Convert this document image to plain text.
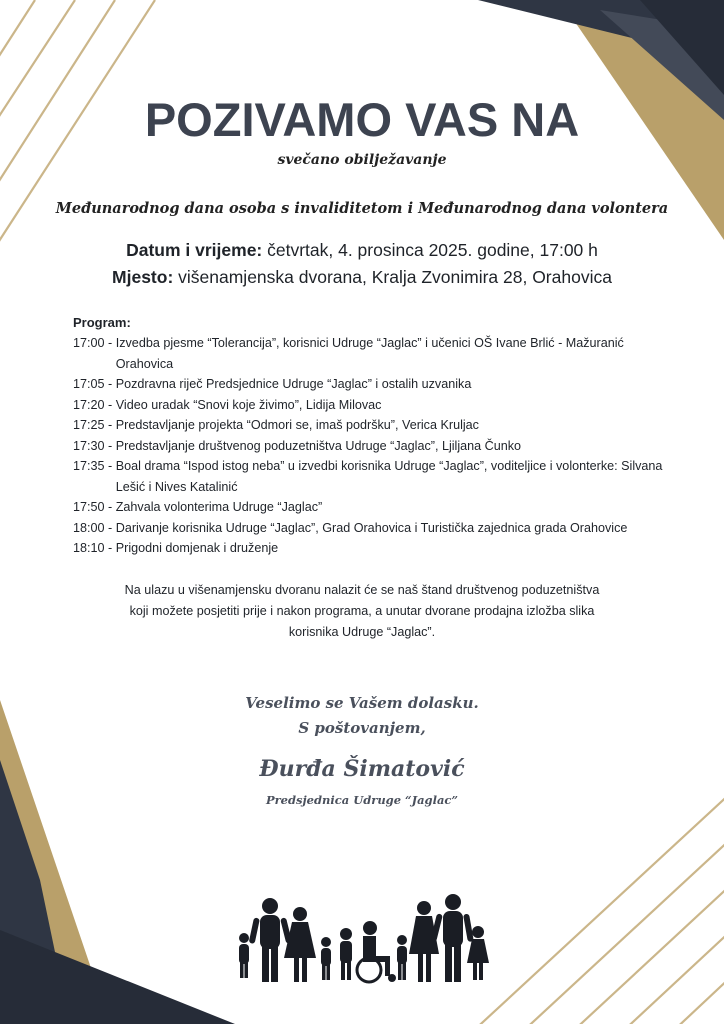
POZIVAMO VAS NA
svečano obilježavanje
Međunarodnog dana osoba s invaliditetom i Međunarodnog dana volontera
Datum i vrijeme: četvrtak, 4. prosinca 2025. godine, 17:00 h
Mjesto: višenamjenska dvorana, Kralja Zvonimira 28, Orahovica
Program:
17:00 - Izvedba pjesme “Tolerancija”, korisnici Udruge “Jaglac” i učenici OŠ Ivane Brlić - Mažuranić Orahovica
17:05 - Pozdravna riječ Predsjednice Udruge “Jaglac” i ostalih uzvanika
17:20 - Video uradak “Snovi koje živimo”, Lidija Milovac
17:25 - Predstavljanje projekta “Odmori se, imaš podršku”, Verica Kruljac
17:30 - Predstavljanje društvenog poduzetništva Udruge “Jaglac”, Ljiljana Čunko
17:35 - Boal drama “Ispod istog neba” u izvedbi korisnika Udruge “Jaglac”, voditeljice i volonterke: Silvana Lešić i Nives Katalinić
17:50 - Zahvala volonterima Udruge “Jaglac”
18:00 - Darivanje korisnika Udruge “Jaglac”, Grad Orahovica i Turistička zajednica grada Orahovice
18:10 - Prigodni domjenak i druženje
Na ulazu u višenamjensku dvoranu nalazit će se naš štand društvenog poduzetništva
koji možete posjetiti prije i nakon programa, a unutar dvorane prodajna izložba slika
korisnika Udruge “Jaglac”.
Veselimo se Vašem dolasku.
S poštovanjem,
Đurđa Šimatović
Predsjednica Udruge “Jaglac”
